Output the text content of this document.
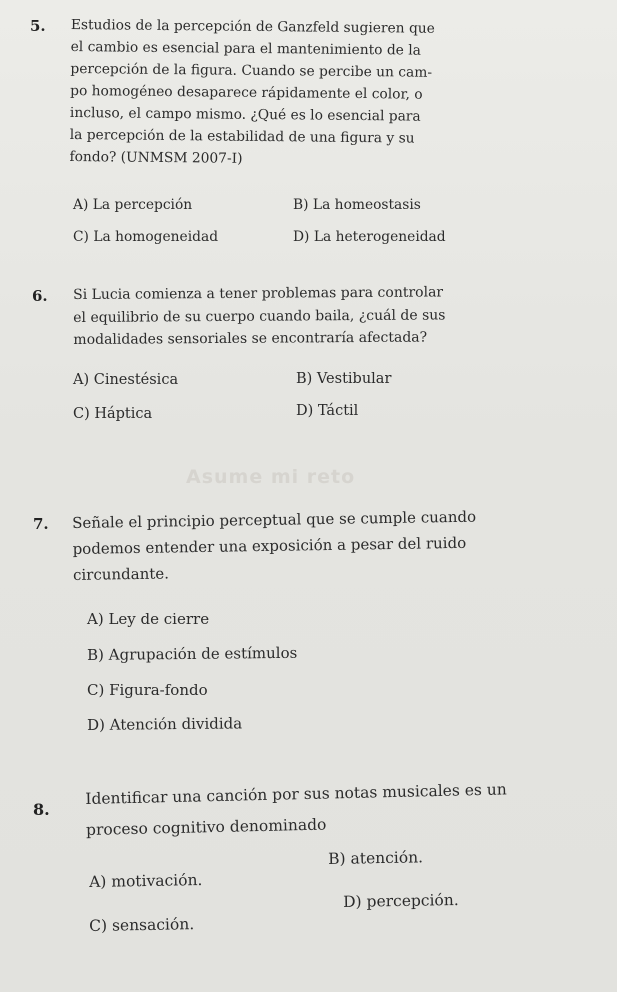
5. Estudios de la percepción de Ganzfeld sugieren que
el cambio es esencial para el mantenimiento de la
percepción de la figura. Cuando se percibe un cam-
po homogéneo desaparece rápidamente el color, o
incluso, el campo mismo. ¿Qué es lo esencial para
la percepción de la estabilidad de una figura y su
fondo? (UNMSM 2007-I)
A) La percepción	B) La homeostasis
C) La homogeneidad	D) La heterogeneidad
6. Si Lucia comienza a tener problemas para controlar
el equilibrio de su cuerpo cuando baila, ¿cuál de sus
modalidades sensoriales se encontraría afectada?
A) Cinestésica	B) Vestibular
C) Háptica	D) Táctil
Asume mi reto
7. Señale el principio perceptual que se cumple cuando
podemos entender una exposición a pesar del ruido
circundante.
A) Ley de cierre
B) Agrupación de estímulos
C) Figura-fondo
D) Atención dividida
8.
Identificar una canción por sus notas musicales es un
proceso cognitivo denominado
A) motivación.
B) atención.
C) sensación.
D) percepción.
